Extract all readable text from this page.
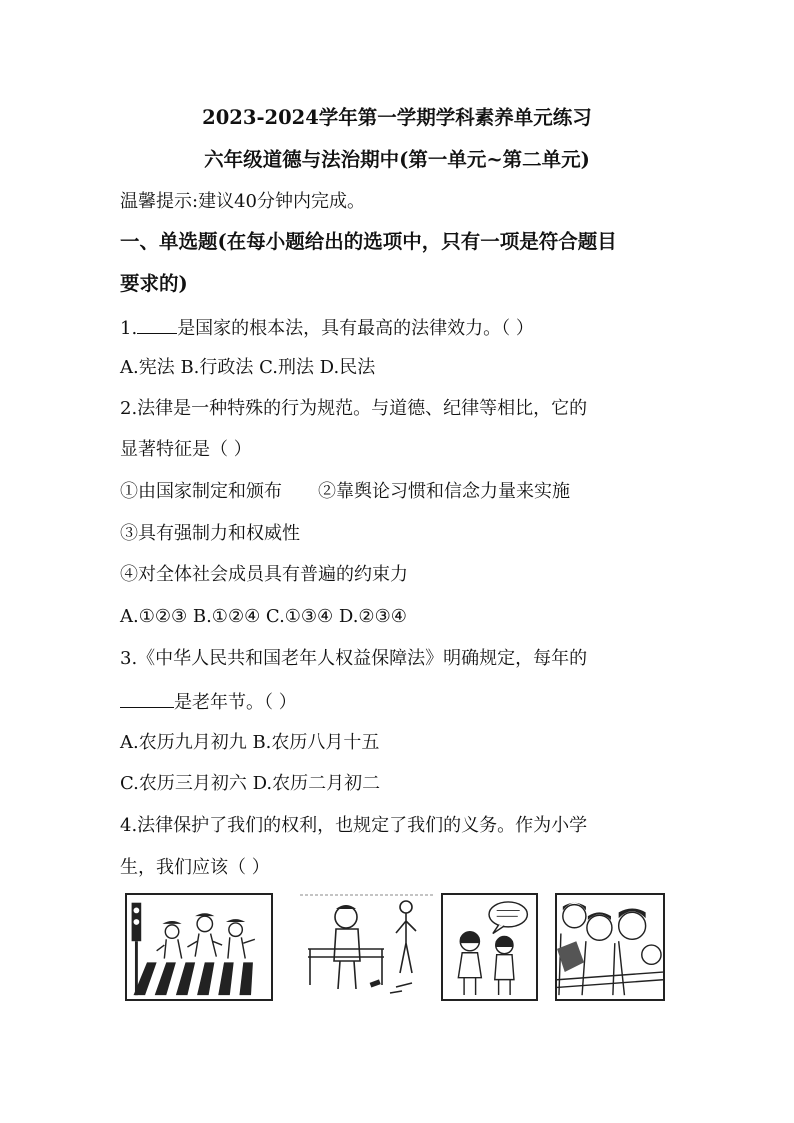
2023-2024学年第一学期学科素养单元练习
六年级道德与法治期中(第一单元~第二单元)
温馨提示:建议40分钟内完成。
一、单选题(在每小题给出的选项中，只有一项是符合题目
要求的)
1. 是国家的根本法，具有最高的法律效力。（ ）
A.宪法 B.行政法 C.刑法 D.民法
2.法律是一种特殊的行为规范。与道德、纪律等相比，它的
显著特征是（ ）
①由国家制定和颁布 ②靠舆论习惯和信念力量来实施
③具有强制力和权威性
④对全体社会成员具有普遍的约束力
A.①②③ B.①②④ C.①③④ D.②③④
3.《中华人民共和国老年人权益保障法》明确规定，每年的
是老年节。（ ）
A.农历九月初九 B.农历八月十五
C.农历三月初六 D.农历二月初二
4.法律保护了我们的权利，也规定了我们的义务。作为小学
生，我们应该（ ）
